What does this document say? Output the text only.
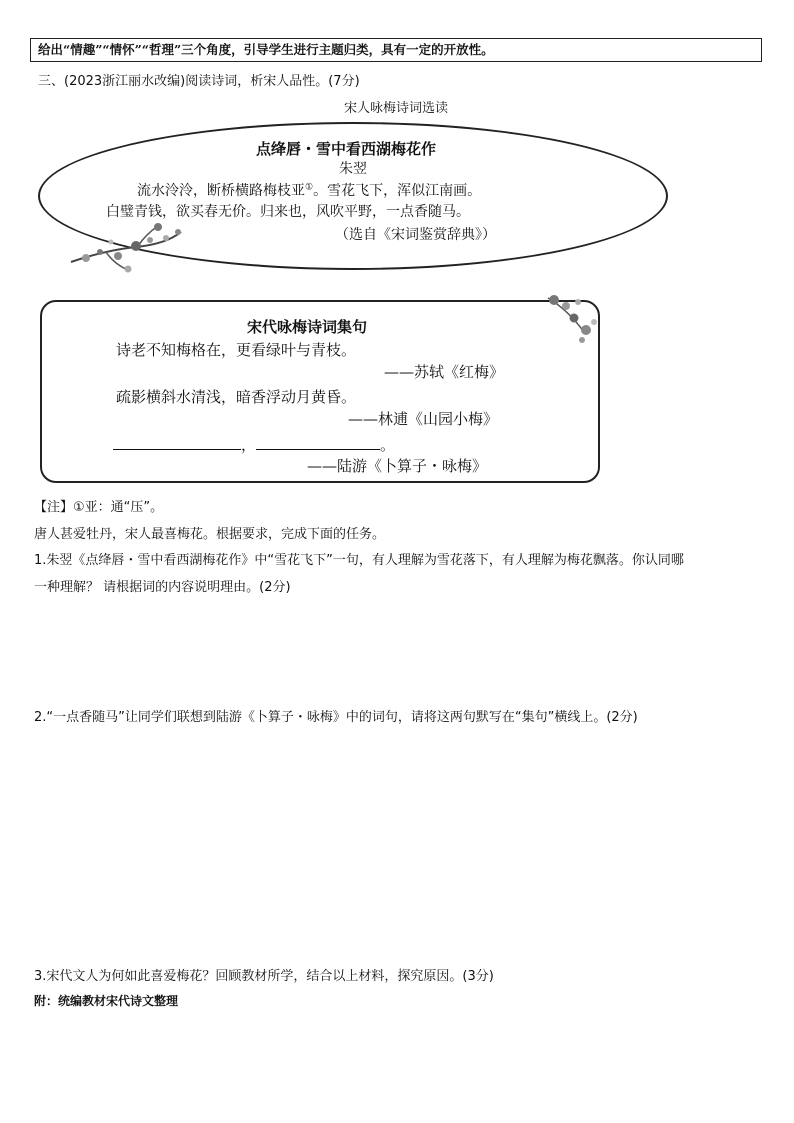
给出“情趣”“情怀”“哲理”三个角度，引导学生进行主题归类，具有一定的开放性。
三、(2023浙江丽水改编)阅读诗词，析宋人品性。(7分)
宋人咏梅诗词选读
点绛唇・雪中看西湖梅花作
朱翌
流水泠泠，断桥横路梅枝亚①。雪花飞下，浑似江南画。
白璧青钱，欲买春无价。归来也，风吹平野，一点香随马。
（选自《宋词鉴赏辞典》）
宋代咏梅诗词集句
诗老不知梅格在，更看绿叶与青枝。
——苏轼《红梅》
疏影横斜水清浅，暗香浮动月黄昏。
——林逋《山园小梅》
，	。
——陆游《卜算子・咏梅》
【注】①亚：通“压”。
唐人甚爱牡丹，宋人最喜梅花。根据要求，完成下面的任务。
1.朱翌《点绛唇・雪中看西湖梅花作》中“雪花飞下”一句，有人理解为雪花落下，有人理解为梅花飘落。你认同哪
一种理解？ 请根据词的内容说明理由。(2分)
2.“一点香随马”让同学们联想到陆游《卜算子・咏梅》中的词句，请将这两句默写在“集句”横线上。(2分)
3.宋代文人为何如此喜爱梅花？回顾教材所学，结合以上材料，探究原因。(3分)
附：统编教材宋代诗文整理
